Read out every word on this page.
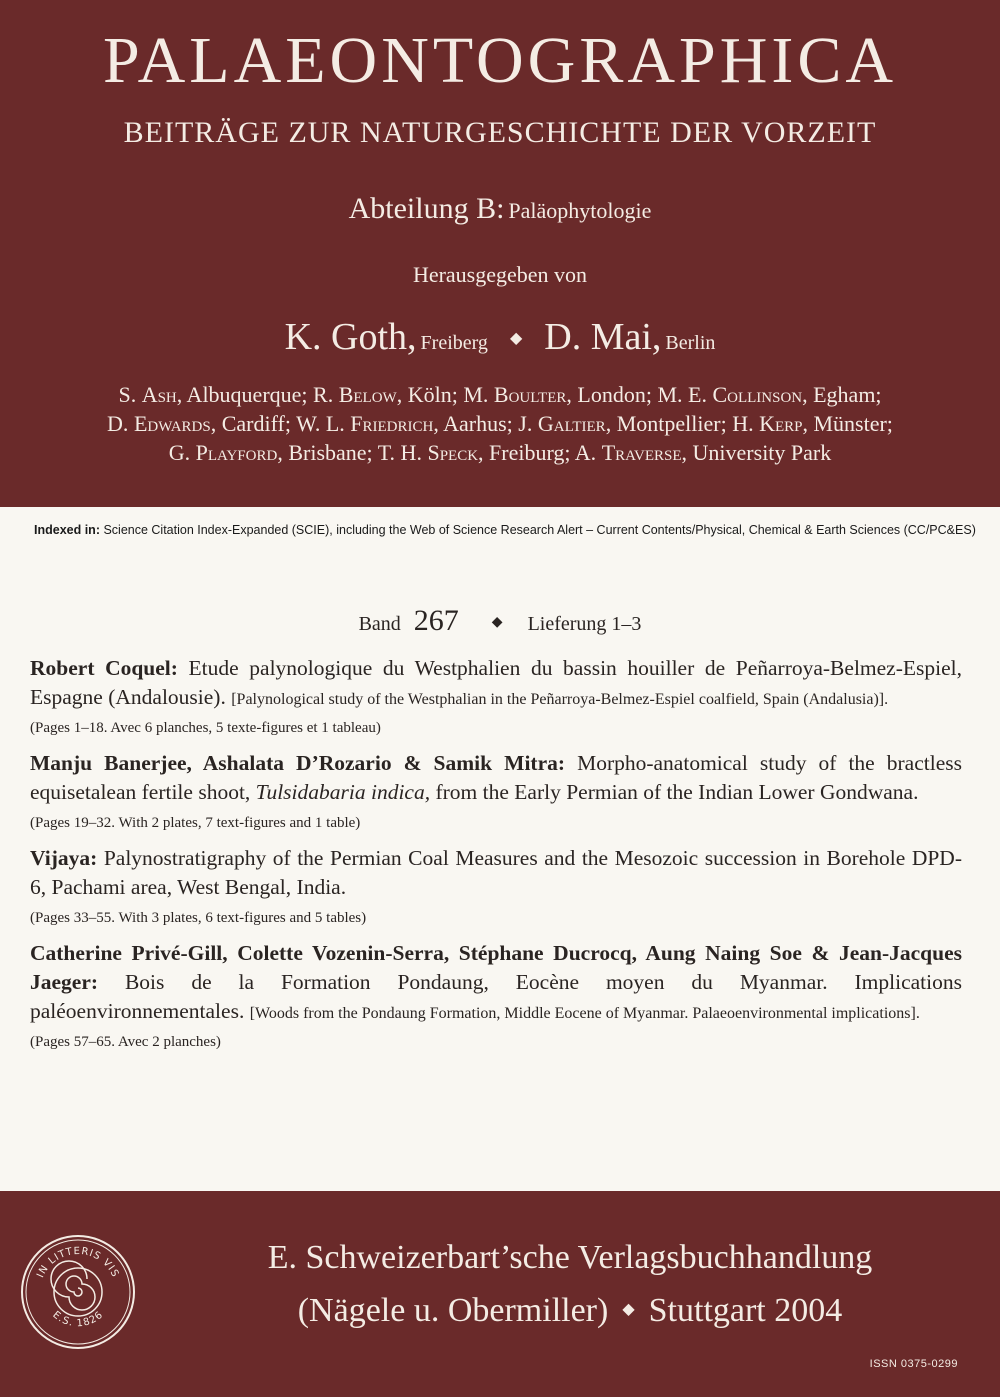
PALAEONTOGRAPHICA
BEITRÄGE ZUR NATURGESCHICHTE DER VORZEIT
Abteilung B: Paläophytologie
Herausgegeben von
K. Goth, Freiberg ◆ D. Mai, Berlin
S. Ash, Albuquerque; R. Below, Köln; M. Boulter, London; M. E. Collinson, Egham;
D. Edwards, Cardiff; W. L. Friedrich, Aarhus; J. Galtier, Montpellier; H. Kerp, Münster;
G. Playford, Brisbane; T. H. Speck, Freiburg; A. Traverse, University Park
Indexed in: Science Citation Index-Expanded (SCIE), including the Web of Science Research Alert – Current Contents/Physical, Chemical & Earth Sciences (CC/PC&ES)
Band 267 ◆ Lieferung 1–3
Robert Coquel: Etude palynologique du Westphalien du bassin houiller de Peñarroya-Belmez-Espiel, Espagne (Andalousie). [Palynological study of the Westphalian in the Peñarroya-Belmez-Espiel coalfield, Spain (Andalusia)].
(Pages 1–18. Avec 6 planches, 5 texte-figures et 1 tableau)
Manju Banerjee, Ashalata D’Rozario & Samik Mitra: Morpho-anatomical study of the bractless equisetalean fertile shoot, Tulsidabaria indica, from the Early Permian of the Indian Lower Gondwana.
(Pages 19–32. With 2 plates, 7 text-figures and 1 table)
Vijaya: Palynostratigraphy of the Permian Coal Measures and the Mesozoic succession in Borehole DPD-6, Pachami area, West Bengal, India.
(Pages 33–55. With 3 plates, 6 text-figures and 5 tables)
Catherine Privé-Gill, Colette Vozenin-Serra, Stéphane Ducrocq, Aung Naing Soe & Jean-Jacques Jaeger: Bois de la Formation Pondaung, Eocène moyen du Myanmar. Implications paléoenvironnementales. [Woods from the Pondaung Formation, Middle Eocene of Myanmar. Palaeoenvironmental implications].
(Pages 57–65. Avec 2 planches)
IN LITTERIS VIS
E.S. 1826
E. Schweizerbart’sche Verlagsbuchhandlung
(Nägele u. Obermiller) ◆ Stuttgart 2004
ISSN 0375-0299
